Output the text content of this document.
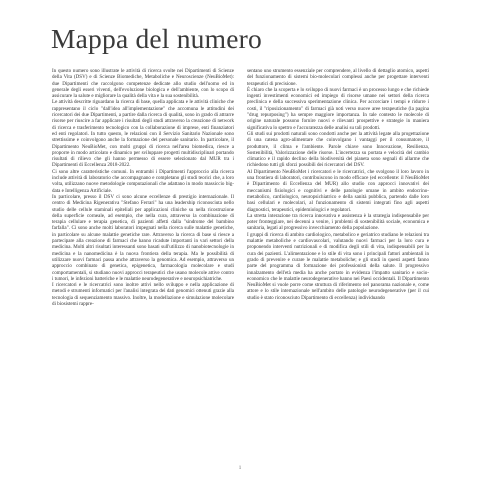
Mappa del numero

In questo numero sono illustrate le attività di ricerca svolte nei Dipartimenti di Scienze della Vita (DSV) e di Scienze Biomediche, Metaboliche e Neuroscienze (NeuBioMet): due Dipartimenti che raccolgono competenze dedicate allo studio dell'uomo ed in generale degli esseri viventi, dell'evoluzione biologica e dell'ambiente, con lo scopo di assicurare la salute e migliorare la qualità della vita e la sua sostenibilità.

Le attività descritte riguardano la ricerca di base, quella applicata e le attività cliniche che rappresentano il ciclo "dall'idea all'implementazione" che accomuna le attitudini dei ricercatori dei due Dipartimenti, a partire dalla ricerca di qualità, sono in grado di attrarre risorse per riuscire a far applicare i risultati degli studi attraverso la creazione di network di ricerca e trasferimento tecnologico con la collaborazione di imprese, enti finanziatori ed enti regolatori. In tutto questo, le relazioni con il Servizio Sanitario Nazionale sono strettissime e coinvolgono anche la formazione del personale sanitario. In particolare, il Dipartimento NeuBioMet, con molti gruppi di ricerca nell'area biomedica, riesce a proporre in modo articolato e dinamico per sviluppare progetti multidisciplinari portando risultati di rilievo che gli hanno permesso di essere selezionato dal MUR tra i Dipartimenti di Eccellenza 2018-2022.

Ci sono altre caratteristiche comuni. In entrambi i Dipartimenti l'approccio alla ricerca include attività di laboratorio che accompagnano e completano gli studi teorici che, a loro volta, utilizzano nuove metodologie computazionali che adattano in modo massiccio big-data e Intelligenza Artificiale.

In particolare, presso il DSV ci sono alcune eccellenze di prestigio internazionale. Il centro di Medicina Rigenerativa "Stefano Ferrari" ha una leadership riconosciuta nello studio delle cellule staminali epiteliali per applicazioni cliniche su nella ricostruzione della superficie corneale, ad esempio, che nella cura, attraverso la combinazione di terapia cellulare e terapia genetica, di pazienti affetti dalla "sindrome del bambino farfalla". Ci sono anche molti laboratori impegnati nella ricerca sulle malattie genetiche, in particolare su alcune malattie genetiche rare. Attraverso la ricerca di base si riesce a partecipare alla creazione di farmaci che hanno ricadute importanti in vari settori della medicina. Molti altri risultati interessanti sono basati sull'utilizzo di nanobiotecnologie in medicina e la nanomedicina è la nuova frontiera della terapia. Ma le possibilità di utilizzare nuovi farmaci passa anche attraverso la genomica. Ad esempio, attraverso un approccio combinato di genetica, epigenetica, farmacologia molecolare e studi comportamentali, si studiano nuovi approcci terapeutici che usano molecole attive contro i tumori, le infezioni batteriche e le malattie neurodegenerative e neuropsichiatriche.

I ricercatori e le ricercatrici sono inoltre attivi nello sviluppo e nella applicazione di metodi e strumenti informatici per l'analisi integrata dei dati genomici ottenuti grazie alla tecnologia di sequenziamento massivo. Inoltre, la modellazione e simulazione molecolare di biosistemi rappre-

sentano uno strumento essenziale per comprendere, al livello di dettaglio atomico, aspetti del funzionamento di sistemi bio-molecolari complessi anche per progettare interventi terapeutici di precisione.

È chiaro che la scoperta e lo sviluppo di nuovi farmaci è un processo lungo e che richiede ingenti investimenti economici ed impiego di risorse umane nei settori della ricerca preclinica e della successiva sperimentazione clinica. Per accorciare i tempi e ridurre i costi, il "riposizionamento" di farmaci già noti verso nuove aree terapeutiche (la pagina "drug repurposing") ha sempre maggiore importanza. In tale contesto le molecole di origine naturale possono fornire nuovi e rilevanti prospettive e strategie in maniera significativa lo spettro e l'accuratezza delle analisi su tali prodotti.

Gli studi sui prodotti naturali sono condotti anche per la attività legate alla progettazione di una catena agro-alimentare che coinvolgano i vantaggi per il consumatore, il produttore, il clima e l'ambiente. Parole chiave sono Innovazione, Resilienza, Sostenibilità, Valorizzazione delle risorse. L'incertezza su portata e velocità del cambio climatico e il rapido declino della biodiversità del pianeta sono segnali di allarme che richiedono tutti gli sforzi possibili dei ricercatori del DSV.

Al Dipartimento NeuBioMet i ricercatori e le ricercatrici, che svolgono il loro lavoro in una frontiera di laboratori, contribuiscono in modo efficace (ed eccellente: il NeuBioMet è Dipartimento di Eccellenza del MUR) allo studio con approcci innovativi dei meccanismi fisiologici e cognitivi e delle patologie umane in ambito endocrino-metabolico, cardiologico, neuropsichiatrico e della sanità pubblica, partendo dalle loro basi cellulari e molecolari, al funzionamento di sistemi integrati fino agli aspetti diagnostici, terapeutici, epidemiologici e regolatori.

La stretta interazione tra ricerca innovativa e assistenza è la strategia indispensabile per poter fronteggiare, nei decenni a venire, i problemi di sostenibilità sociale, economica e sanitaria, legati al progressivo invecchiamento della popolazione.

I gruppi di ricerca di ambito cardiologico, metabolico e geriatrico studiano le relazioni tra malattie metaboliche e cardiovascolari, valutando nuovi farmaci per la loro cura e proponendo interventi nutrizionali e di modifica degli stili di vita, indispensabili per la cura dei pazienti. L'alimentazione e lo stile di vita sono i principali fattori ambientali in grado di prevenire e curare le malattie metaboliche; e gli studi in questi aspetti fanno parte del programma di formazione dei professionisti della salute. Il progressivo innalzamento dell'età media ha anche portato in evidenza l'impatto sanitario e socio-economico che le malattie neurodegenerative hanno nei Paesi occidentali. Il Dipartimento NeuBioMet si vuole porre come struttura di riferimento nel panorama nazionale e, come attore e lo stile internazionale nell'ambito delle patologie neurodegenerative (per il cui studio è stato riconosciuto Dipartimento di eccellenza) individuando

1
